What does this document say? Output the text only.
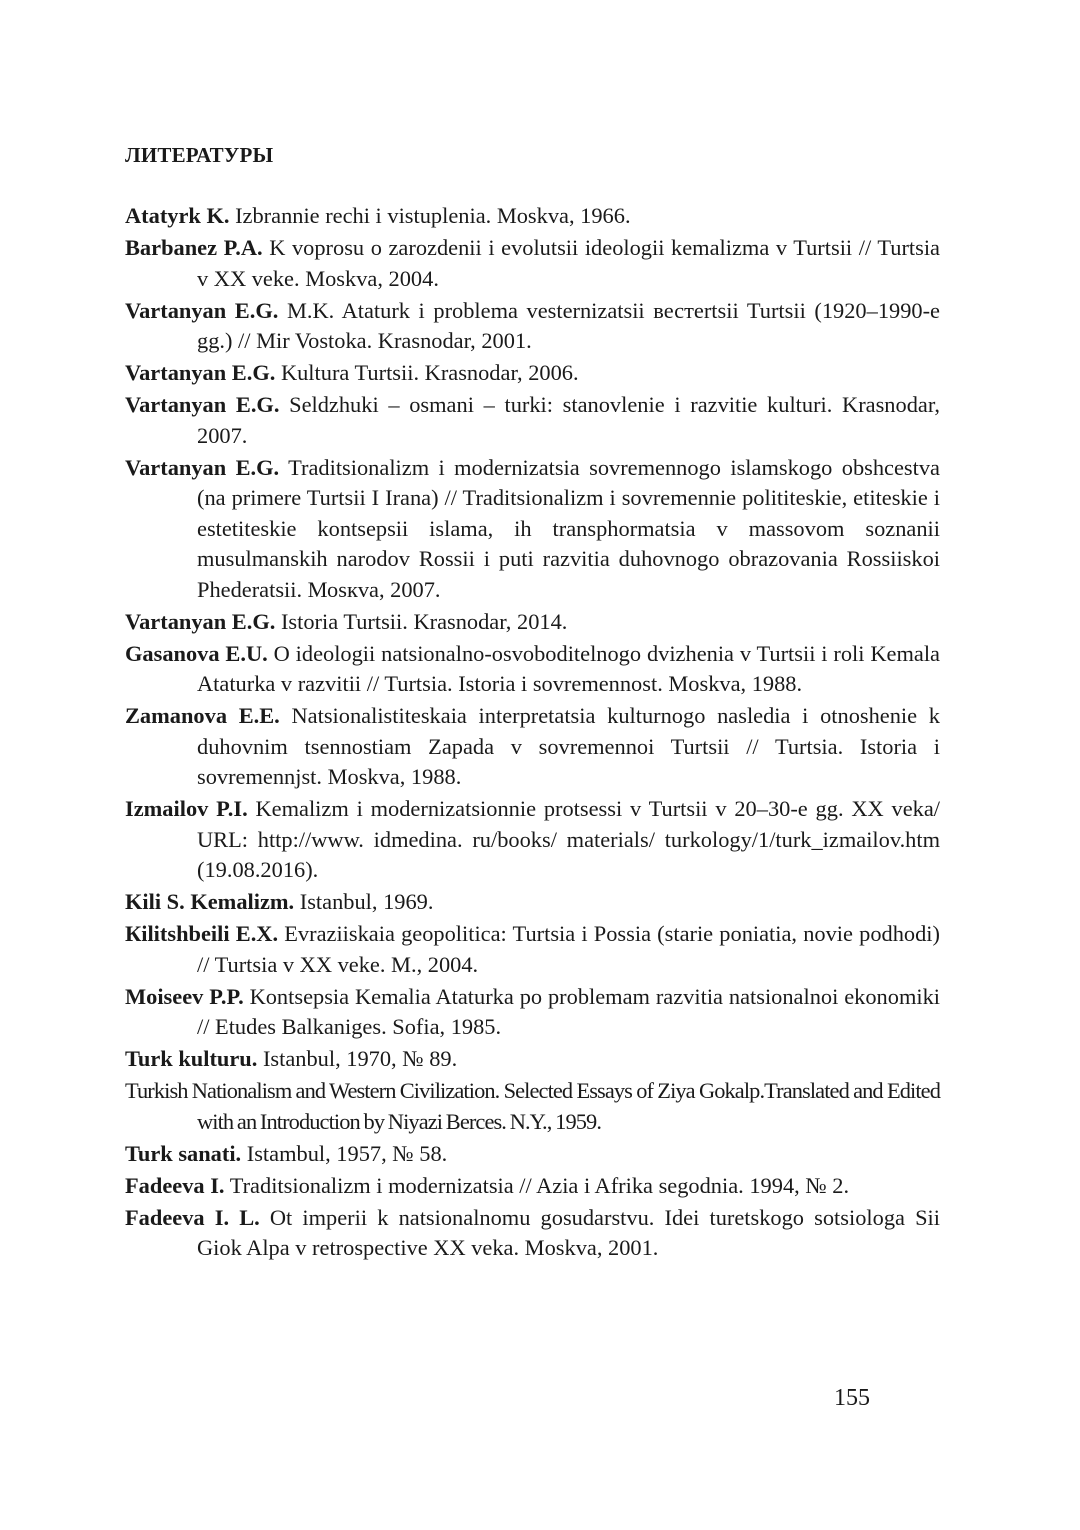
ЛИТЕРАТУРЫ
Atatyrk K. Izbrannie rechi i vistuplenia. Moskva, 1966.
Barbanez P.A. K voprosu o zarozdenii i evolutsii ideologii kemalizma v Turtsii // Turtsia v XX veke. Moskva, 2004.
Vartanyan E.G. M.K. Ataturk i problema vesternizatsii вестеrtsii Turtsii (1920–1990-e gg.) // Mir Vostoka. Krasnodar, 2001.
Vartanyan E.G. Kultura Turtsii. Krasnodar, 2006.
Vartanyan E.G. Seldzhuki – osmani – turki: stanovlenie i razvitie kulturi. Krasnodar, 2007.
Vartanyan E.G. Traditsionalizm i modernizatsia sovremennogo islamskogo obshcestva (na primere Turtsii I Irana) // Traditsionalizm i sovremennie polititeskie, etiteskie i estetiteskie kontsepsii islama, ih transphormatsia v massovom soznanii musulmanskih narodov Rossii i puti razvitia duhovnogo obrazovania Rossiiskoi Phederatsii. Моsкva, 2007.
Vartanyan E.G. Istoria Turtsii. Krasnodar, 2014.
Gasanova E.U. O ideologii natsionalno-osvoboditelnogo dvizhenia v Turtsii i roli Kemala Ataturka v razvitii // Turtsia. Istoria i sovremennost. Moskva, 1988.
Zamanova E.E. Natsionalistiteskaia interpretatsia kulturnogo nasledia i otnoshenie k duhovnim tsennostiam Zapada v sovremennoi Turtsii // Turtsia. Istoria i sovremennjst. Moskva, 1988.
Izmailov P.I. Kemalizm i modernizatsionnie protsessi v Turtsii v 20–30-e gg. XX veka/ URL: http://www. idmedina. ru/books/ materials/ turkology/1/turk_izmailov.htm (19.08.2016).
Kili S. Kemalizm. Istanbul, 1969.
Кilitshbeili E.X. Evraziiskaia geopolitica: Turtsia i Possia (starie poniatia, novie podhodi) // Turtsia v XX veke. M., 2004.
Moiseev P.P. Kontsepsia Kemalia Ataturka po problemam razvitia natsionalnoi ekonomiki // Etudes Balkaniges. Sofia, 1985.
Turk kulturu. Istanbul, 1970, № 89.
Turkish Nationalism and Western Civilization. Selected Essays of Ziya Gokalp.Translated and Edited with an Introduction by Niyazi Berces. N.Y., 1959.
Turk sanati. Istambul, 1957, № 58.
Fadeeva I. Traditsionalizm i modernizatsia // Azia i Afrika segodnia. 1994, № 2.
Fadeeva I. L. Ot imperii k natsionalnomu gosudarstvu. Idei turetskogo sotsiologa Sii Giok Alpa v retrospective XX veka. Moskva, 2001.
155
